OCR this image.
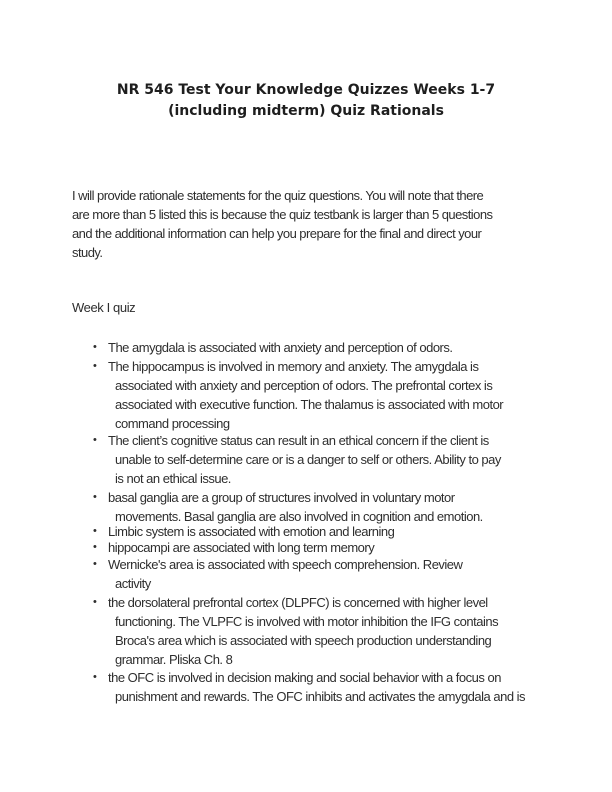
NR 546 Test Your Knowledge Quizzes Weeks 1-7
(including midterm) Quiz Rationals

I will provide rationale statements for the quiz questions. You will note that there
are more than 5 listed this is because the quiz testbank is larger than 5 questions
and the additional information can help you prepare for the final and direct your
study.

Week I quiz
• The amygdala is associated with anxiety and perception of odors.
• The hippocampus is involved in memory and anxiety. The amygdala is
associated with anxiety and perception of odors. The prefrontal cortex is
associated with executive function. The thalamus is associated with motor
command processing
• The client’s cognitive status can result in an ethical concern if the client is
unable to self-determine care or is a danger to self or others. Ability to pay
is not an ethical issue.
• basal ganglia are a group of structures involved in voluntary motor
movements. Basal ganglia are also involved in cognition and emotion.
• Limbic system is associated with emotion and learning
• hippocampi are associated with long term memory
• Wernicke's area is associated with speech comprehension. Review
activity
• the dorsolateral prefrontal cortex (DLPFC) is concerned with higher level
functioning. The VLPFC is involved with motor inhibition the IFG contains
Broca's area which is associated with speech production understanding
grammar. Pliska Ch. 8
• the OFC is involved in decision making and social behavior with a focus on
punishment and rewards. The OFC inhibits and activates the amygdala and is
